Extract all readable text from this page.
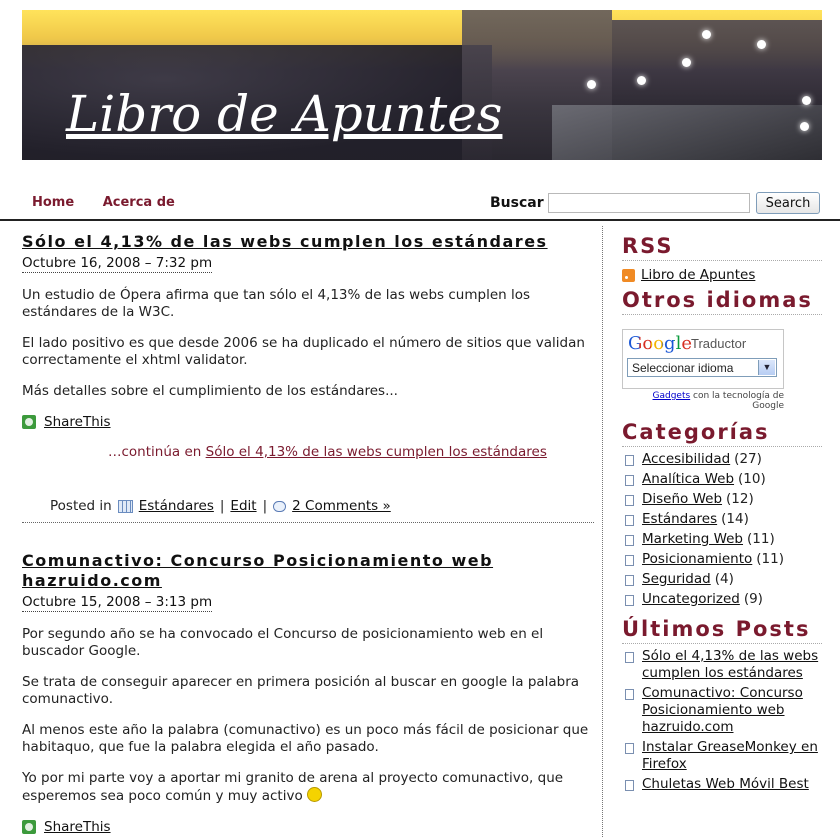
Libro de Apuntes
Home Acerca de	Buscar	Search
Sólo el 4,13% de las webs cumplen los estándares
Octubre 16, 2008 – 7:32 pm

Un estudio de Ópera afirma que tan sólo el 4,13% de las webs cumplen los estándares de la W3C.

El lado positivo es que desde 2006 se ha duplicado el número de sitios que validan correctamente el xhtml validator.

Más detalles sobre el cumplimiento de los estándares...

ShareThis
…continúa en Sólo el 4,13% de las webs cumplen los estándares
Posted in Estándares | Edit | 2 Comments »
Comunactivo: Concurso Posicionamiento web hazruido.com
Octubre 15, 2008 – 3:13 pm

Por segundo año se ha convocado el Concurso de posicionamiento web en el buscador Google.

Se trata de conseguir aparecer en primera posición al buscar en google la palabra comunactivo.

Al menos este año la palabra (comunactivo) es un poco más fácil de posicionar que habitaquo, que fue la palabra elegida el año pasado.

Yo por mi parte voy a aportar mi granito de arena al proyecto comunactivo, que esperemos sea poco común y muy activo

ShareThis
RSS
Libro de Apuntes
Otros idiomas
Google Traductor
Seleccionar idioma	▼
Gadgets con la tecnología de Google
Categorías
Accesibilidad (27)
Analítica Web (10)
Diseño Web (12)
Estándares (14)
Marketing Web (11)
Posicionamiento (11)
Seguridad (4)
Uncategorized (9)
Últimos Posts
Sólo el 4,13% de las webs cumplen los estándares
Comunactivo: Concurso Posicionamiento web hazruido.com
Instalar GreaseMonkey en Firefox
Chuletas Web Móvil Best
